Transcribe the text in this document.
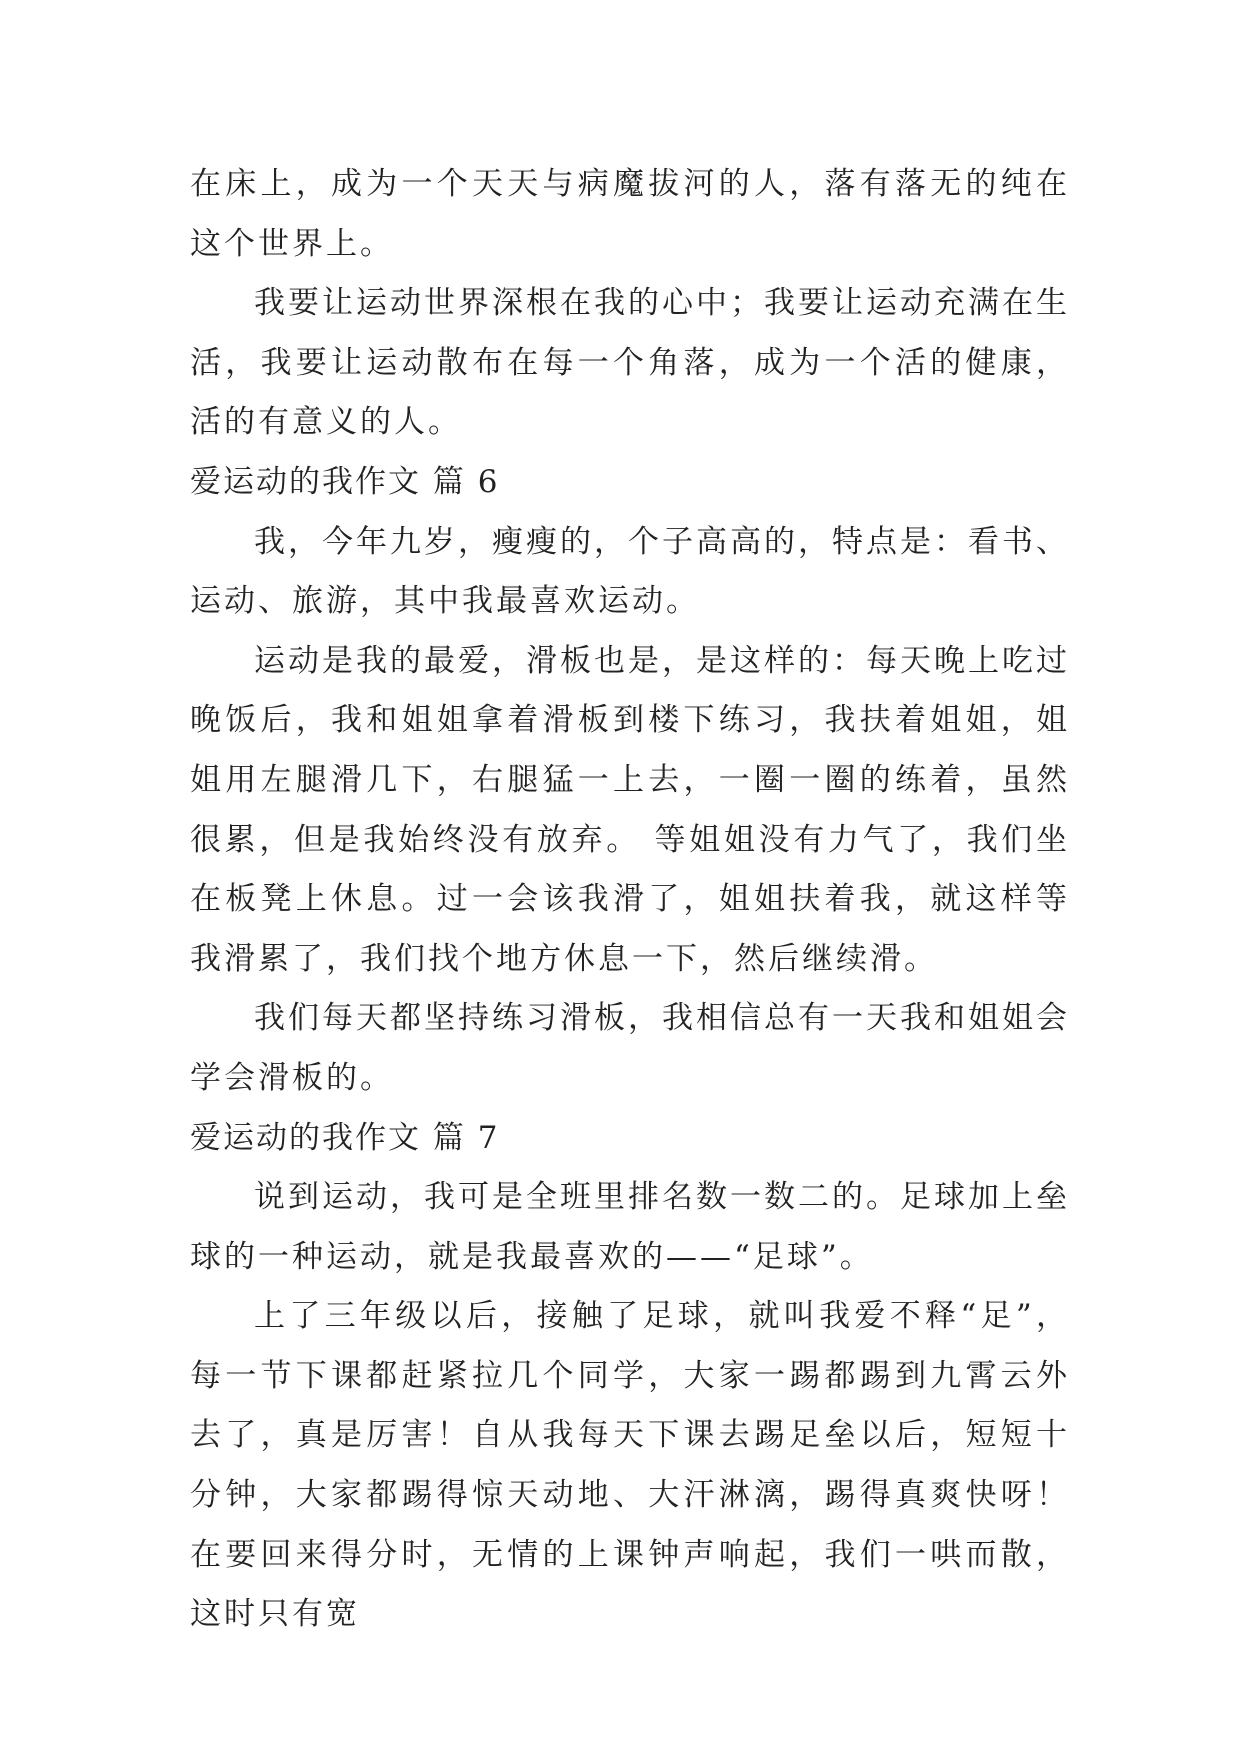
在床上，成为一个天天与病魔拔河的人，落有落无的纯在这个世界上。

我要让运动世界深根在我的心中；我要让运动充满在生活，我要让运动散布在每一个角落，成为一个活的健康，活的有意义的人。

爱运动的我作文 篇 6

我，今年九岁，瘦瘦的，个子高高的，特点是：看书、运动、旅游，其中我最喜欢运动。

运动是我的最爱，滑板也是，是这样的：每天晚上吃过晚饭后，我和姐姐拿着滑板到楼下练习，我扶着姐姐，姐姐用左腿滑几下，右腿猛一上去，一圈一圈的练着，虽然很累，但是我始终没有放弃。 等姐姐没有力气了，我们坐在板凳上休息。过一会该我滑了，姐姐扶着我，就这样等我滑累了，我们找个地方休息一下，然后继续滑。

我们每天都坚持练习滑板，我相信总有一天我和姐姐会学会滑板的。

爱运动的我作文 篇 7

说到运动，我可是全班里排名数一数二的。足球加上垒球的一种运动，就是我最喜欢的——“足球”。

上了三年级以后，接触了足球，就叫我爱不释“足”，每一节下课都赶紧拉几个同学，大家一踢都踢到九霄云外去了，真是厉害！自从我每天下课去踢足垒以后，短短十分钟，大家都踢得惊天动地、大汗淋漓，踢得真爽快呀！在要回来得分时，无情的上课钟声响起，我们一哄而散，这时只有宽
